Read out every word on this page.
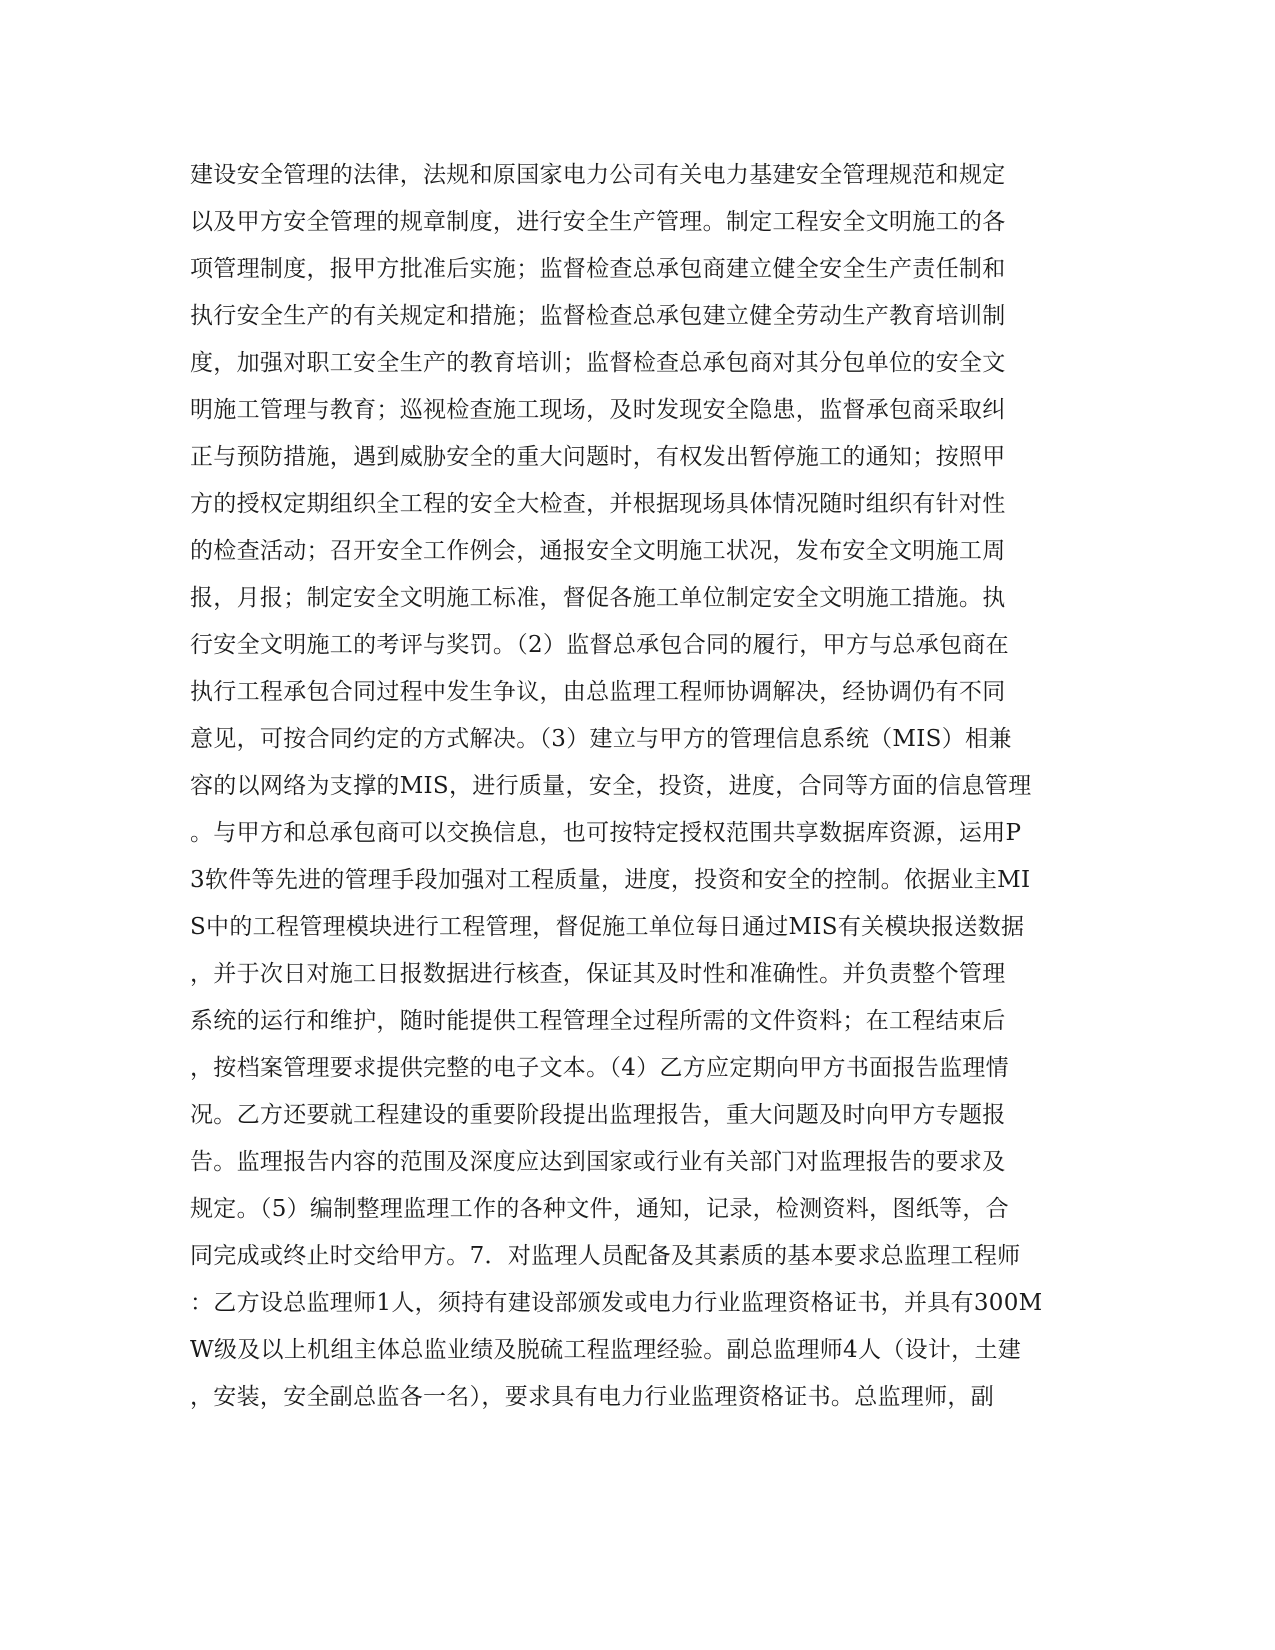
建设安全管理的法律，法规和原国家电力公司有关电力基建安全管理规范和规定
以及甲方安全管理的规章制度，进行安全生产管理。制定工程安全文明施工的各
项管理制度，报甲方批准后实施；监督检查总承包商建立健全安全生产责任制和
执行安全生产的有关规定和措施；监督检查总承包建立健全劳动生产教育培训制
度，加强对职工安全生产的教育培训；监督检查总承包商对其分包单位的安全文
明施工管理与教育；巡视检查施工现场，及时发现安全隐患，监督承包商采取纠
正与预防措施，遇到威胁安全的重大问题时，有权发出暂停施工的通知；按照甲
方的授权定期组织全工程的安全大检查，并根据现场具体情况随时组织有针对性
的检查活动；召开安全工作例会，通报安全文明施工状况，发布安全文明施工周
报，月报；制定安全文明施工标准，督促各施工单位制定安全文明施工措施。执
行安全文明施工的考评与奖罚。（2）监督总承包合同的履行，甲方与总承包商在
执行工程承包合同过程中发生争议，由总监理工程师协调解决，经协调仍有不同
意见，可按合同约定的方式解决。（3）建立与甲方的管理信息系统（MIS）相兼
容的以网络为支撑的MIS，进行质量，安全，投资，进度，合同等方面的信息管理
。与甲方和总承包商可以交换信息，也可按特定授权范围共享数据库资源，运用P
3软件等先进的管理手段加强对工程质量，进度，投资和安全的控制。依据业主MI
S中的工程管理模块进行工程管理，督促施工单位每日通过MIS有关模块报送数据
，并于次日对施工日报数据进行核查，保证其及时性和准确性。并负责整个管理
系统的运行和维护，随时能提供工程管理全过程所需的文件资料；在工程结束后
，按档案管理要求提供完整的电子文本。（4）乙方应定期向甲方书面报告监理情
况。乙方还要就工程建设的重要阶段提出监理报告，重大问题及时向甲方专题报
告。监理报告内容的范围及深度应达到国家或行业有关部门对监理报告的要求及
规定。（5）编制整理监理工作的各种文件，通知，记录，检测资料，图纸等，合
同完成或终止时交给甲方。7．对监理人员配备及其素质的基本要求总监理工程师
：乙方设总监理师1人，须持有建设部颁发或电力行业监理资格证书，并具有300M
W级及以上机组主体总监业绩及脱硫工程监理经验。副总监理师4人（设计，土建
，安装，安全副总监各一名），要求具有电力行业监理资格证书。总监理师，副
